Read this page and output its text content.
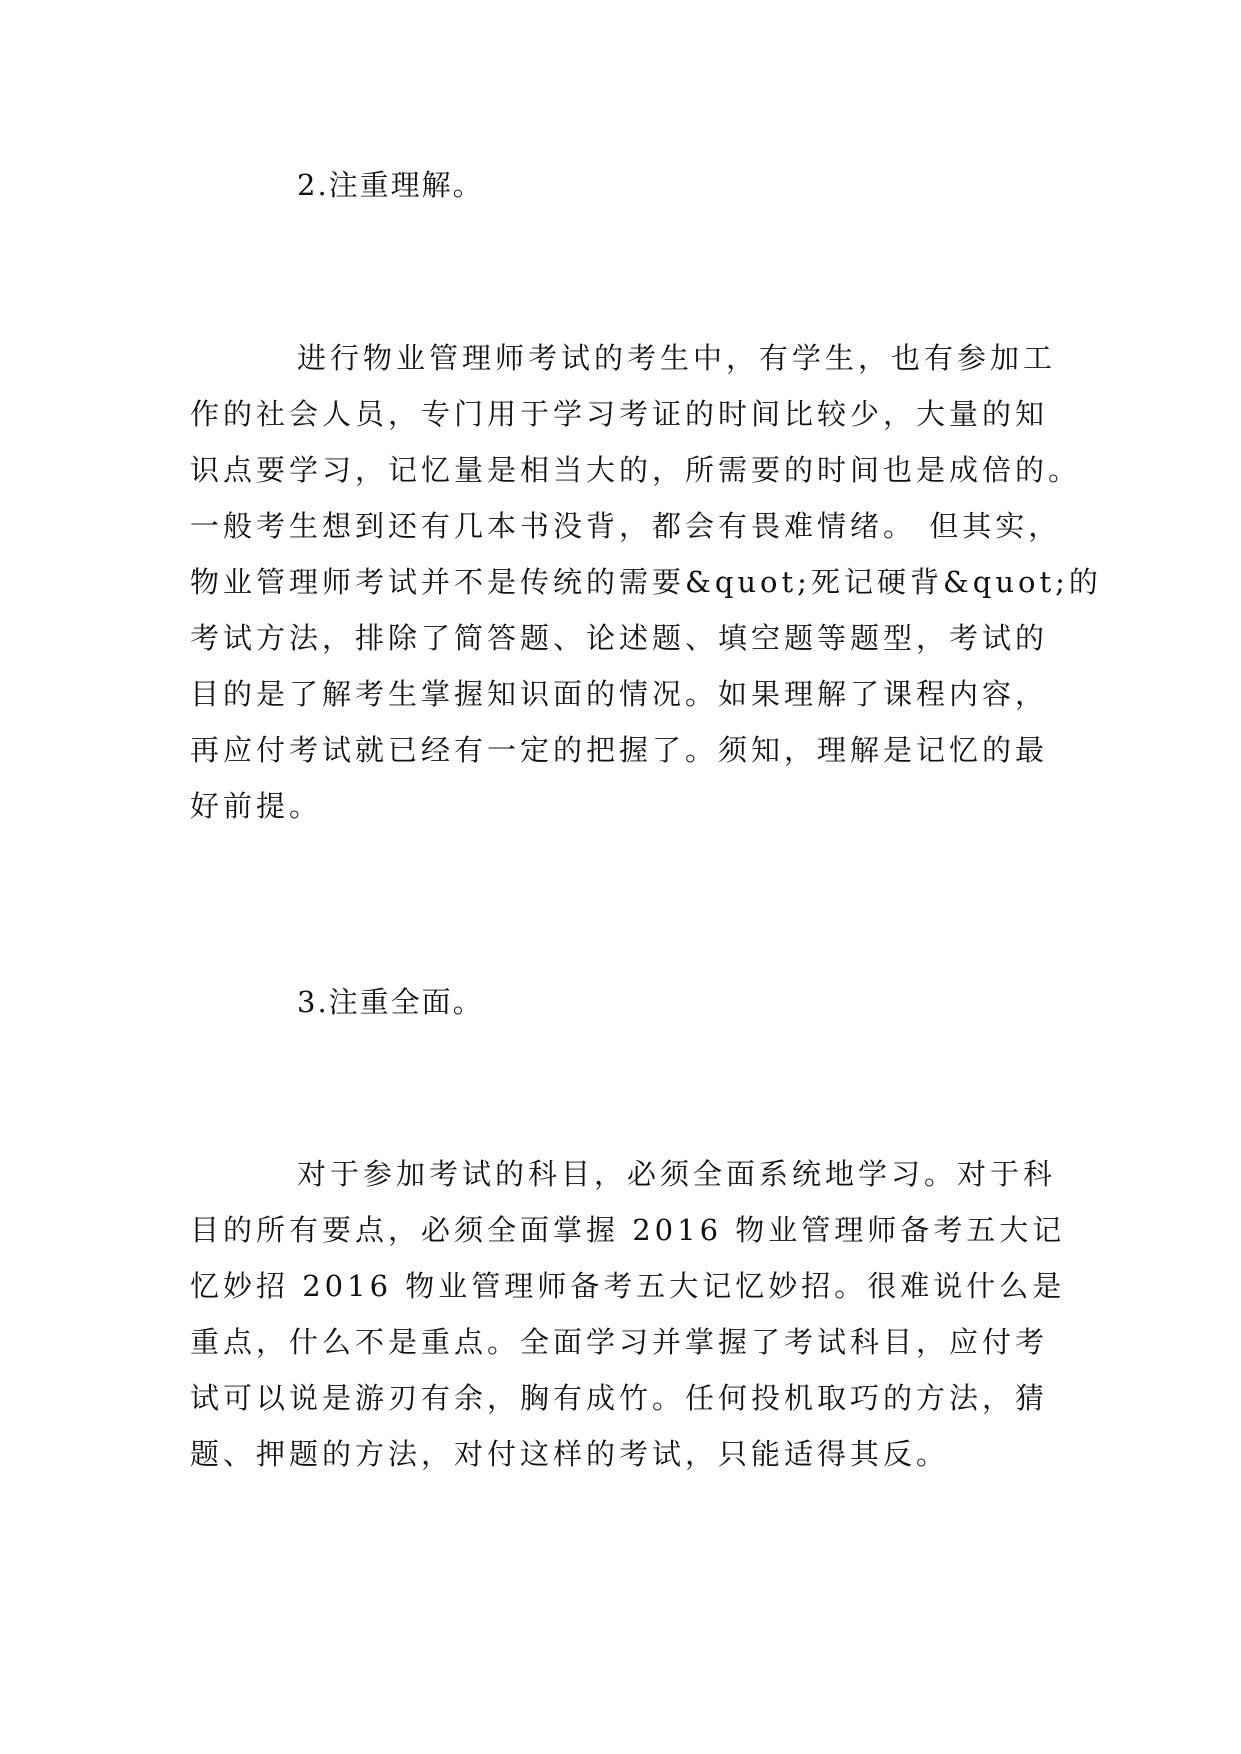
2.注重理解。
进行物业管理师考试的考生中，有学生，也有参加工
作的社会人员，专门用于学习考证的时间比较少，大量的知
识点要学习，记忆量是相当大的，所需要的时间也是成倍的。
一般考生想到还有几本书没背，都会有畏难情绪。 但其实，
物业管理师考试并不是传统的需要&quot;死记硬背&quot;的
考试方法，排除了简答题、论述题、填空题等题型，考试的
目的是了解考生掌握知识面的情况。如果理解了课程内容，
再应付考试就已经有一定的把握了。须知，理解是记忆的最
好前提。
3.注重全面。
对于参加考试的科目，必须全面系统地学习。对于科
目的所有要点，必须全面掌握 2016 物业管理师备考五大记
忆妙招 2016 物业管理师备考五大记忆妙招。很难说什么是
重点，什么不是重点。全面学习并掌握了考试科目，应付考
试可以说是游刃有余，胸有成竹。任何投机取巧的方法，猜
题、押题的方法，对付这样的考试，只能适得其反。
